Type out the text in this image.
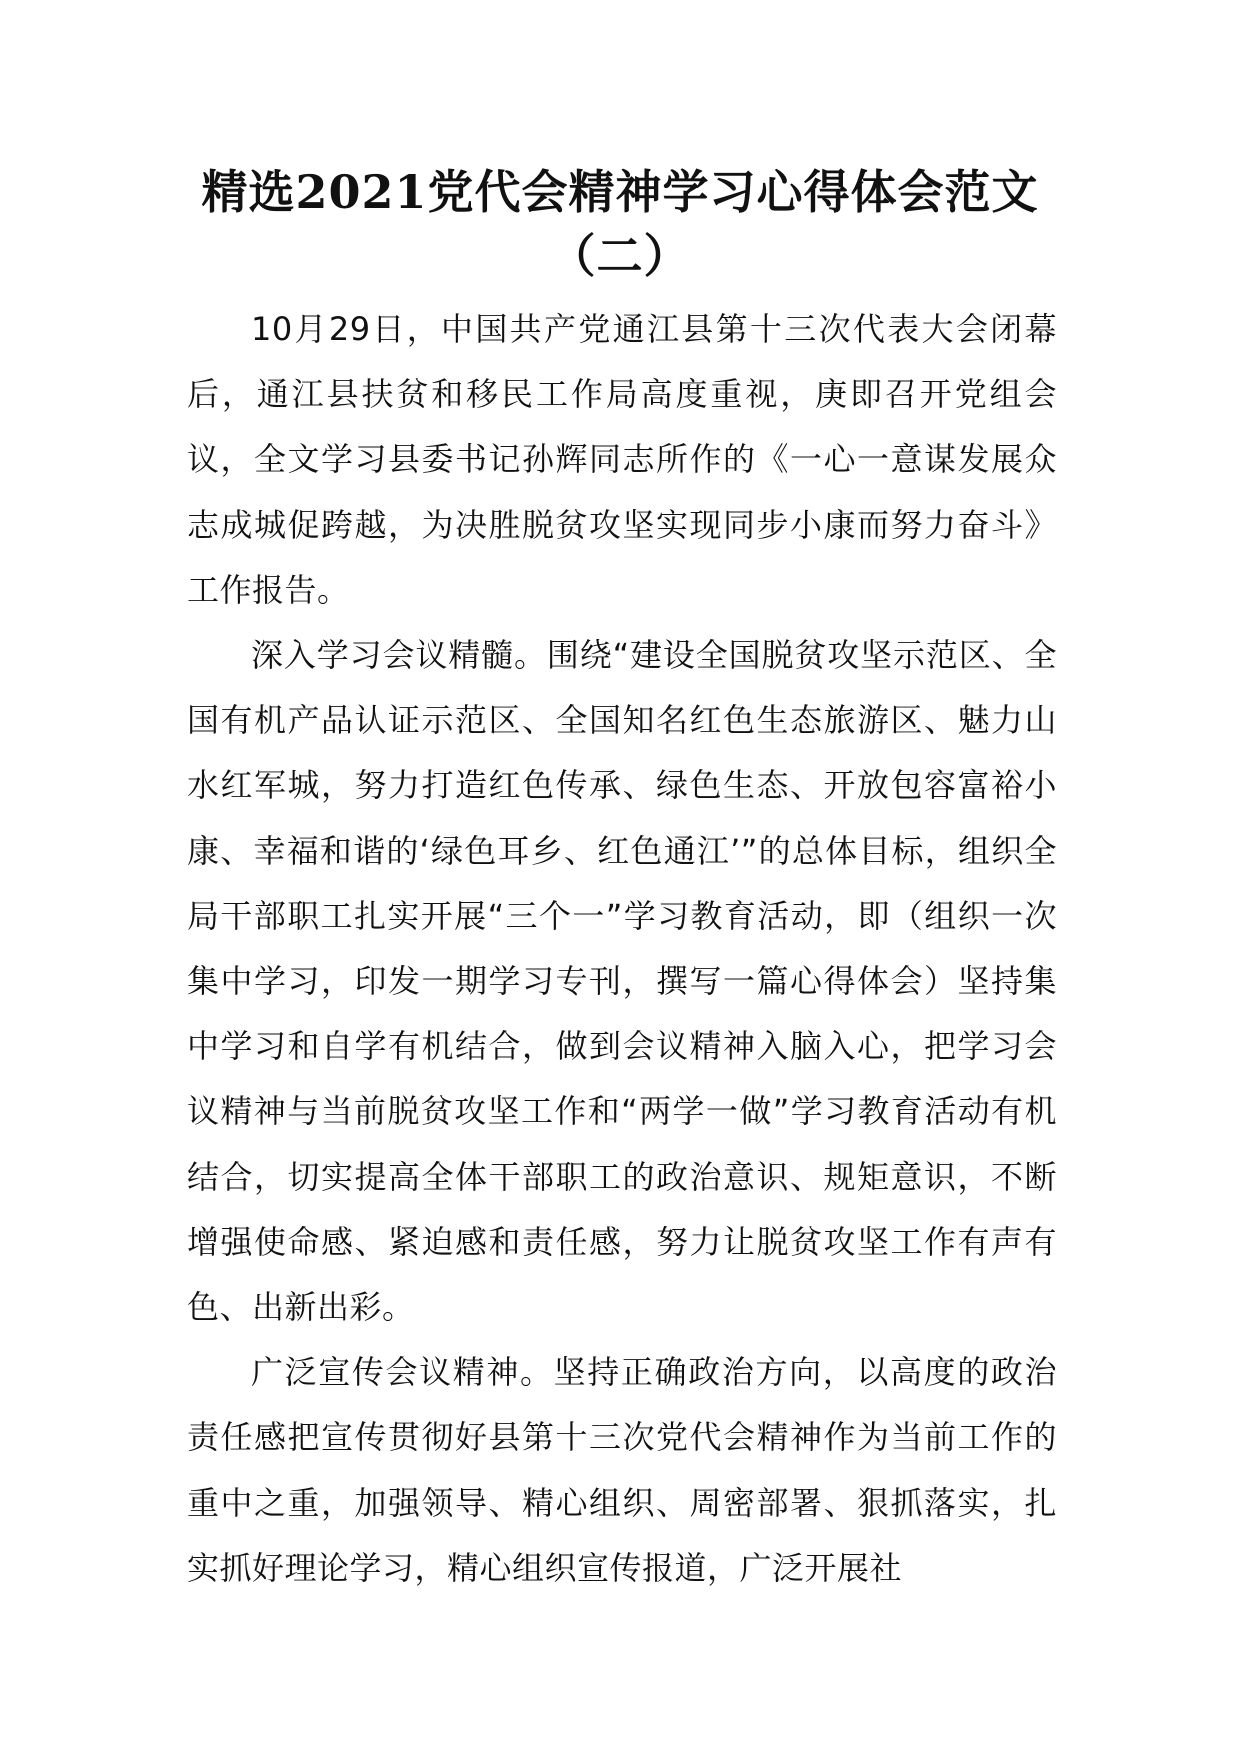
精选2021党代会精神学习心得体会范文
（二）

10月29日，中国共产党通江县第十三次代表大会闭幕后，通江县扶贫和移民工作局高度重视，庚即召开党组会议，全文学习县委书记孙辉同志所作的《一心一意谋发展众志成城促跨越，为决胜脱贫攻坚实现同步小康而努力奋斗》工作报告。

深入学习会议精髓。围绕“建设全国脱贫攻坚示范区、全国有机产品认证示范区、全国知名红色生态旅游区、魅力山水红军城，努力打造红色传承、绿色生态、开放包容富裕小康、幸福和谐的‘绿色耳乡、红色通江’”的总体目标，组织全局干部职工扎实开展“三个一”学习教育活动，即（组织一次集中学习，印发一期学习专刊，撰写一篇心得体会）坚持集中学习和自学有机结合，做到会议精神入脑入心，把学习会议精神与当前脱贫攻坚工作和“两学一做”学习教育活动有机结合，切实提高全体干部职工的政治意识、规矩意识，不断增强使命感、紧迫感和责任感，努力让脱贫攻坚工作有声有色、出新出彩。

广泛宣传会议精神。坚持正确政治方向，以高度的政治责任感把宣传贯彻好县第十三次党代会精神作为当前工作的重中之重，加强领导、精心组织、周密部署、狠抓落实，扎实抓好理论学习，精心组织宣传报道，广泛开展社
